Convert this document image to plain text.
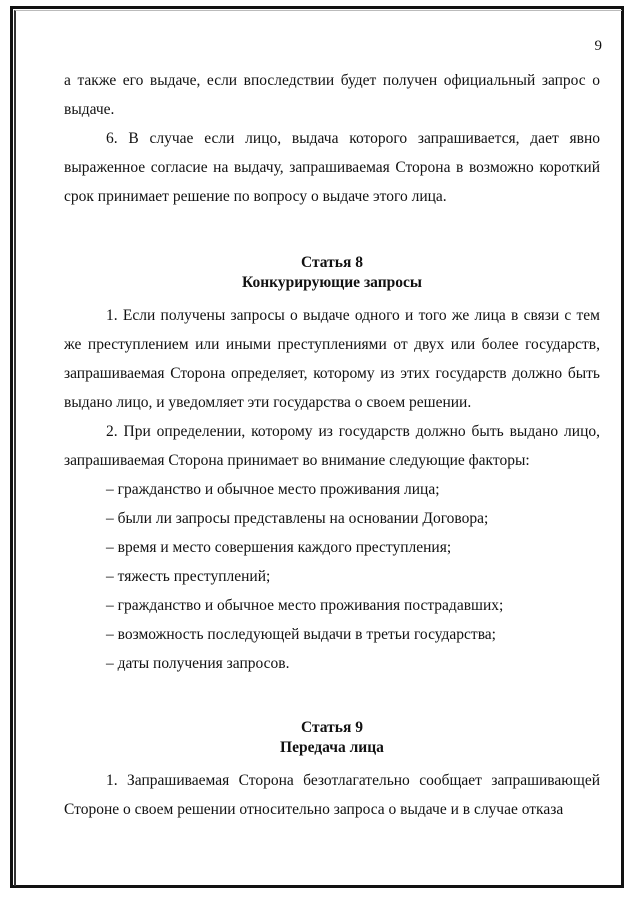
9

а также его выдаче, если впоследствии будет получен официальный запрос о выдаче.

6. В случае если лицо, выдача которого запрашивается, дает явно выраженное согласие на выдачу, запрашиваемая Сторона в возможно короткий срок принимает решение по вопросу о выдаче этого лица.

Статья 8

Конкурирующие запросы

1. Если получены запросы о выдаче одного и того же лица в связи с тем же преступлением или иными преступлениями от двух или более государств, запрашиваемая Сторона определяет, которому из этих государств должно быть выдано лицо, и уведомляет эти государства о своем решении.

2. При определении, которому из государств должно быть выдано лицо, запрашиваемая Сторона принимает во внимание следующие факторы:

– гражданство и обычное место проживания лица;

– были ли запросы представлены на основании Договора;

– время и место совершения каждого преступления;

– тяжесть преступлений;

– гражданство и обычное место проживания пострадавших;

– возможность последующей выдачи в третьи государства;

– даты получения запросов.

Статья 9

Передача лица

1. Запрашиваемая Сторона безотлагательно сообщает запрашивающей Стороне о своем решении относительно запроса о выдаче и в случае отказа
